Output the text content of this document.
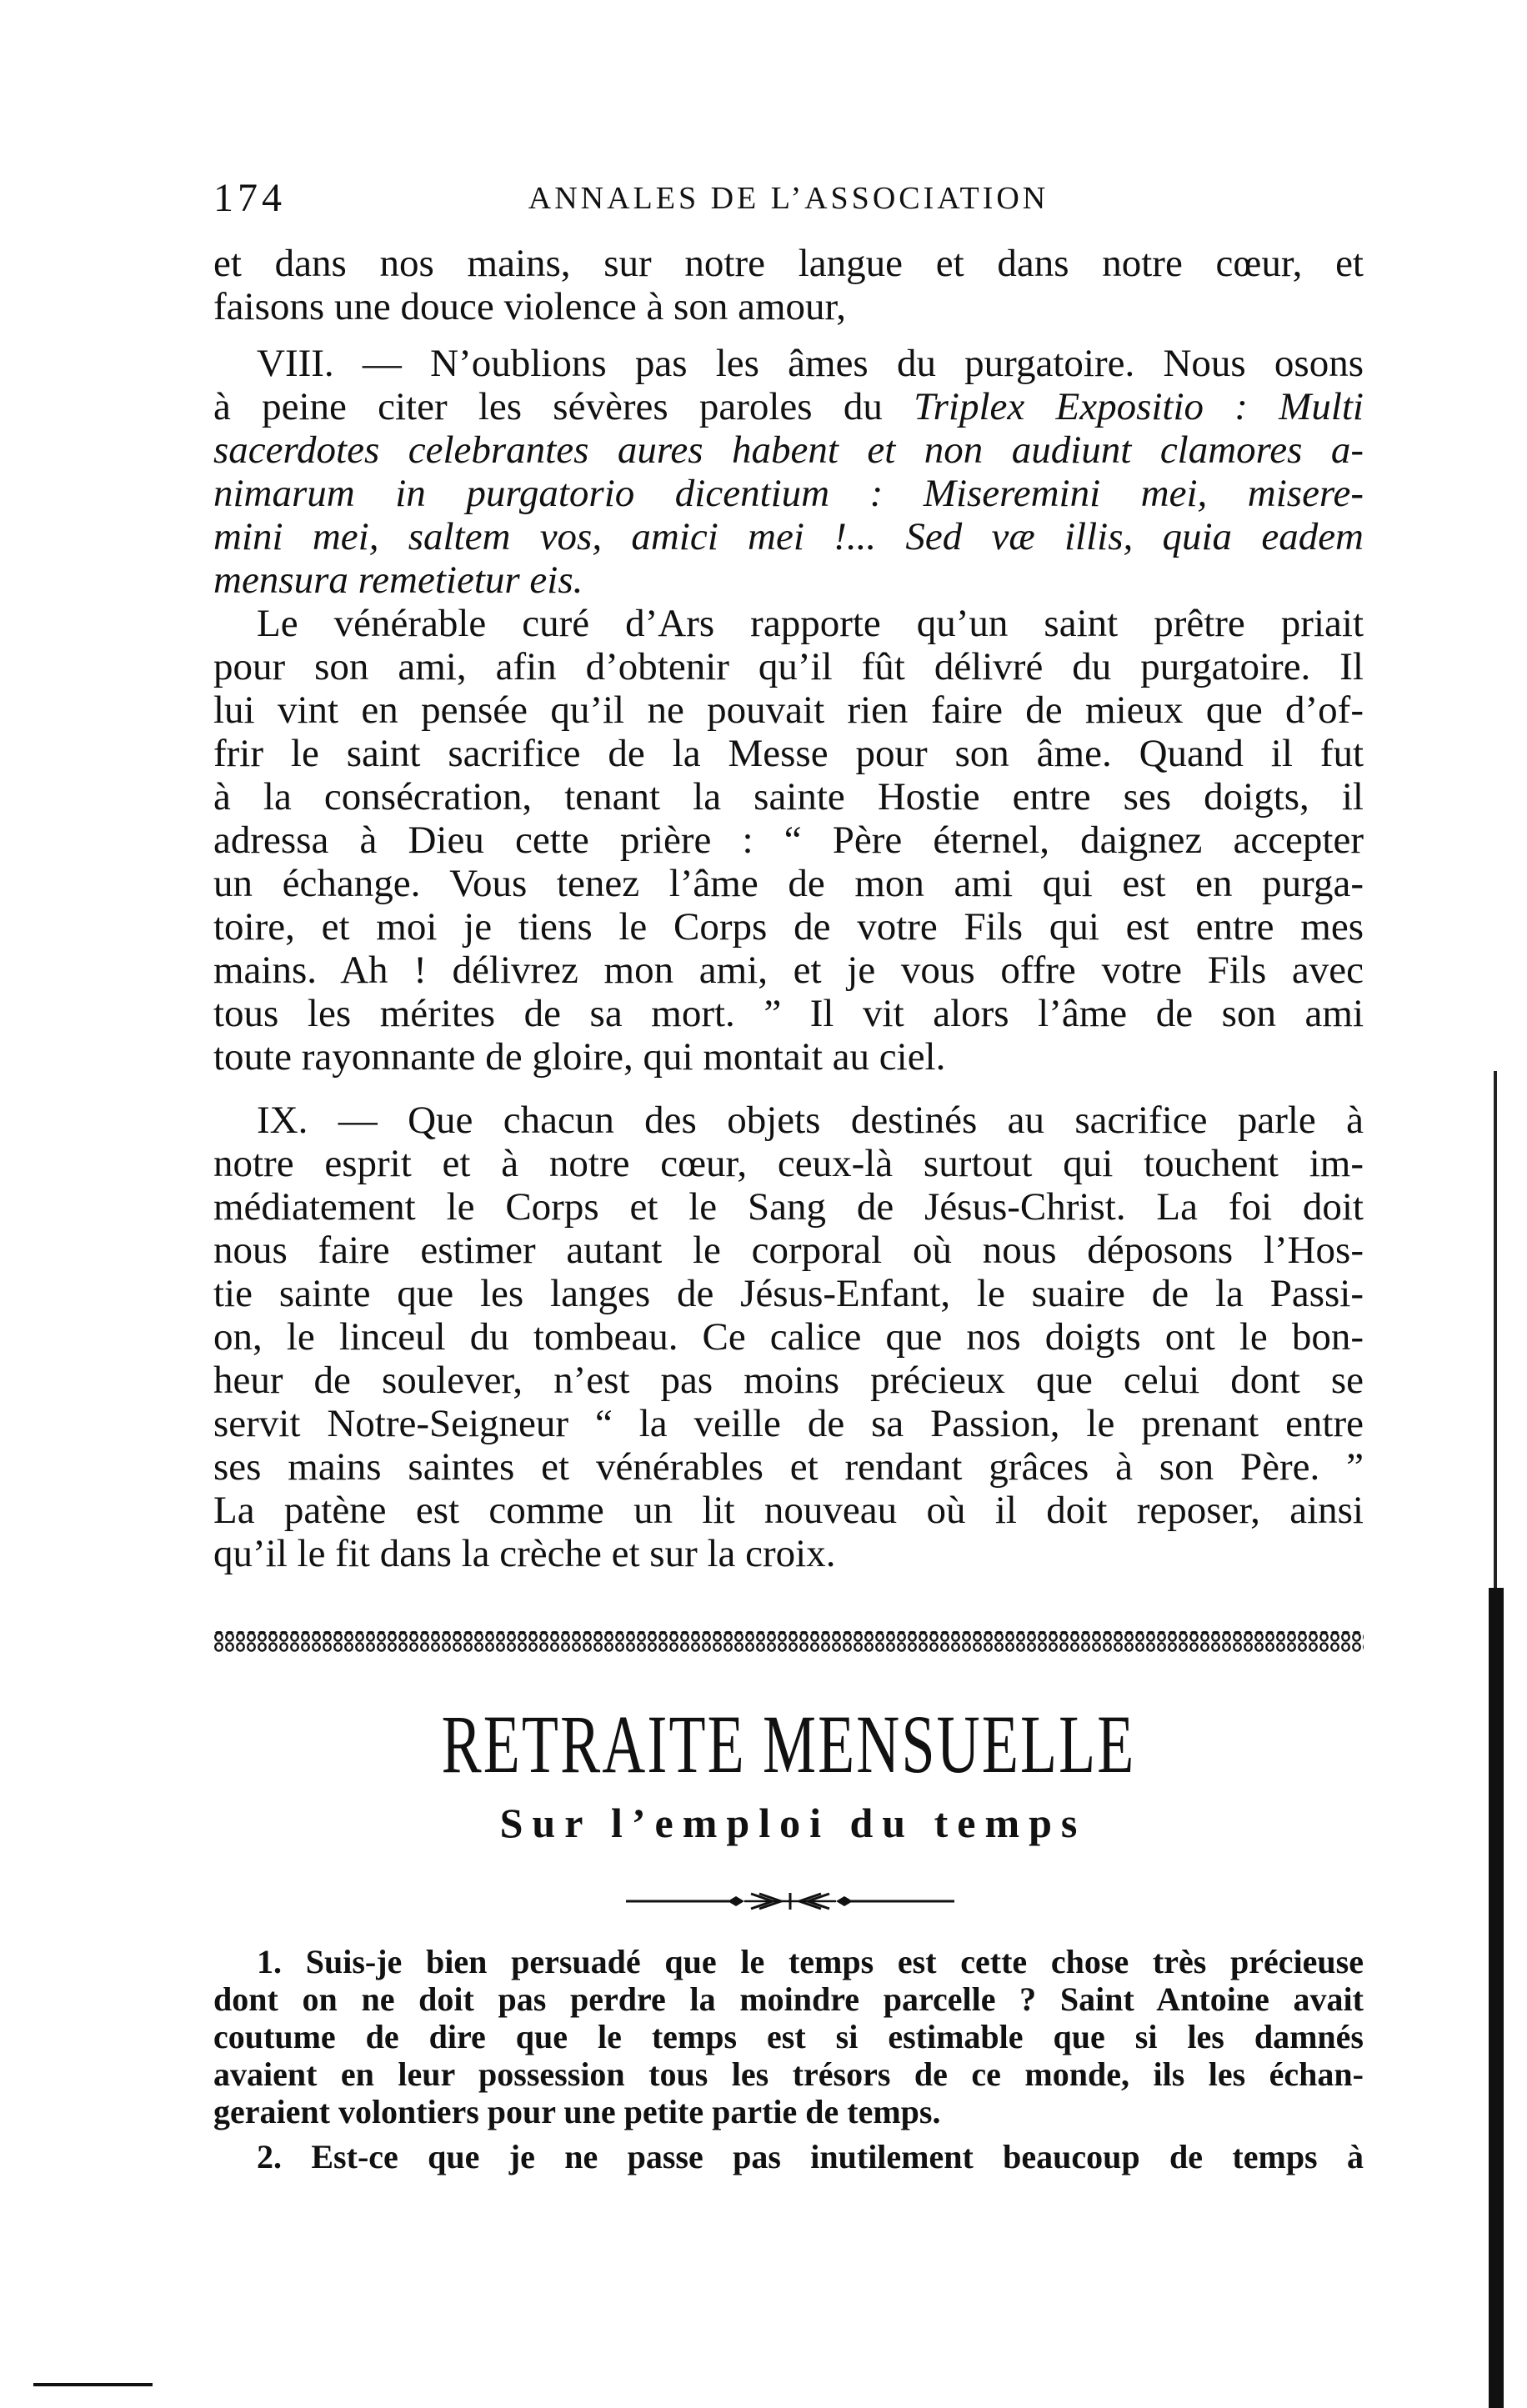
174	ANNALES DE L’ASSOCIATION
et dans nos mains, sur notre langue et dans notre cœur, et
faisons une douce violence à son amour,
VIII. — N’oublions pas les âmes du purgatoire. Nous osons
à peine citer les sévères paroles du Triplex Expositio : Multi
sacerdotes celebrantes aures habent et non audiunt clamores a-
nimarum in purgatorio dicentium : Miseremini mei, misere-
mini mei, saltem vos, amici mei !... Sed væ illis, quia eadem
mensura remetietur eis.
Le vénérable curé d’Ars rapporte qu’un saint prêtre priait
pour son ami, afin d’obtenir qu’il fût délivré du purgatoire. Il
lui vint en pensée qu’il ne pouvait rien faire de mieux que d’of-
frir le saint sacrifice de la Messe pour son âme. Quand il fut
à la consécration, tenant la sainte Hostie entre ses doigts, il
adressa à Dieu cette prière : “ Père éternel, daignez accepter
un échange. Vous tenez l’âme de mon ami qui est en purga-
toire, et moi je tiens le Corps de votre Fils qui est entre mes
mains. Ah ! délivrez mon ami, et je vous offre votre Fils avec
tous les mérites de sa mort. ” Il vit alors l’âme de son ami
toute rayonnante de gloire, qui montait au ciel.
IX. — Que chacun des objets destinés au sacrifice parle à
notre esprit et à notre cœur, ceux-là surtout qui touchent im-
médiatement le Corps et le Sang de Jésus-Christ. La foi doit
nous faire estimer autant le corporal où nous déposons l’Hos-
tie sainte que les langes de Jésus-Enfant, le suaire de la Passi-
on, le linceul du tombeau. Ce calice que nos doigts ont le bon-
heur de soulever, n’est pas moins précieux que celui dont se
servit Notre-Seigneur “ la veille de sa Passion, le prenant entre
ses mains saintes et vénérables et rendant grâces à son Père. ”
La patène est comme un lit nouveau où il doit reposer, ainsi
qu’il le fit dans la crèche et sur la croix.
RETRAITE MENSUELLE
Sur l’emploi du temps
1. Suis-je bien persuadé que le temps est cette chose très précieuse
dont on ne doit pas perdre la moindre parcelle ? Saint Antoine avait
coutume de dire que le temps est si estimable que si les damnés
avaient en leur possession tous les trésors de ce monde, ils les échan-
geraient volontiers pour une petite partie de temps.
2. Est-ce que je ne passe pas inutilement beaucoup de temps à
